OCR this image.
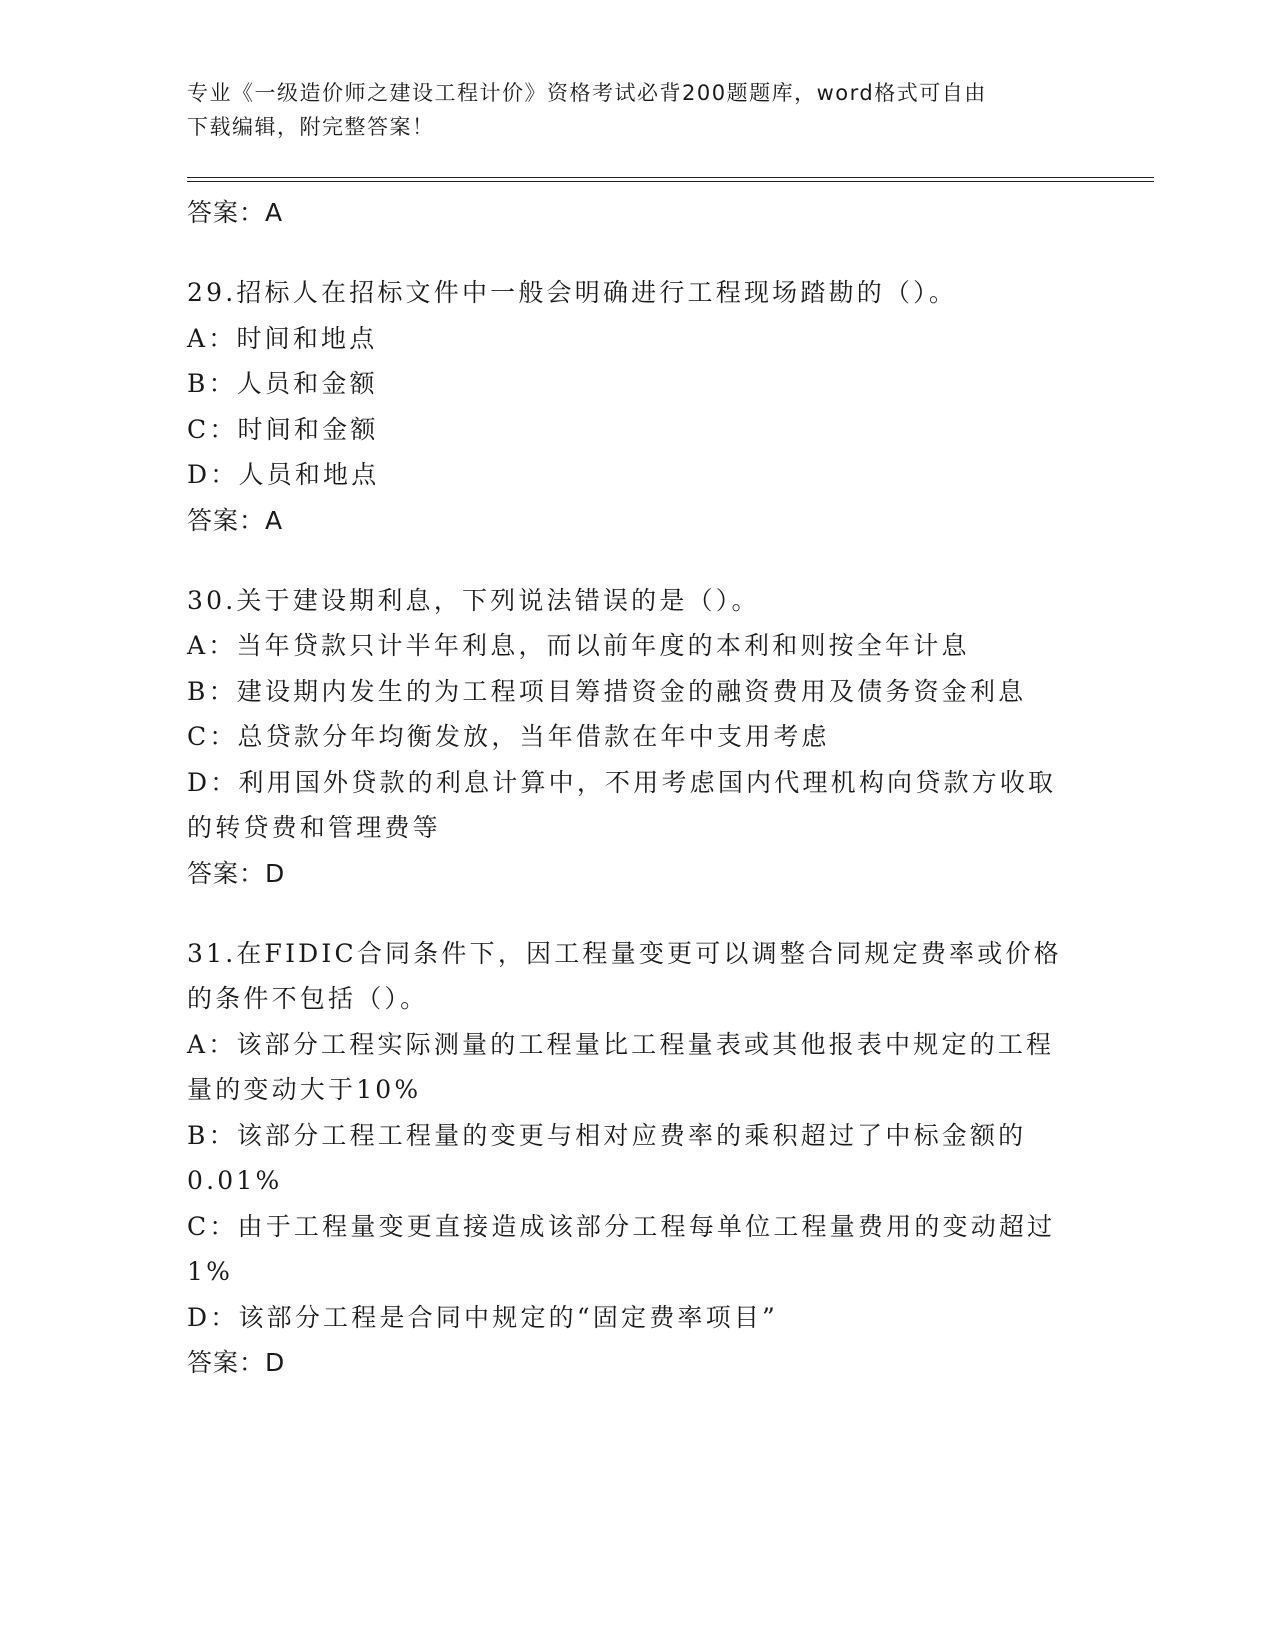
专业《一级造价师之建设工程计价》资格考试必背200题题库，word格式可自由
下载编辑，附完整答案！
答案：A
29.招标人在招标文件中一般会明确进行工程现场踏勘的（）。
A：时间和地点
B：人员和金额
C：时间和金额
D：人员和地点
答案：A
30.关于建设期利息，下列说法错误的是（）。
A：当年贷款只计半年利息，而以前年度的本利和则按全年计息
B：建设期内发生的为工程项目筹措资金的融资费用及债务资金利息
C：总贷款分年均衡发放，当年借款在年中支用考虑
D：利用国外贷款的利息计算中，不用考虑国内代理机构向贷款方收取的转贷费和管理费等
答案：D
31.在FIDIC合同条件下，因工程量变更可以调整合同规定费率或价格的条件不包括（）。
A：该部分工程实际测量的工程量比工程量表或其他报表中规定的工程量的变动大于10%
B：该部分工程工程量的变更与相对应费率的乘积超过了中标金额的0.01%
C：由于工程量变更直接造成该部分工程每单位工程量费用的变动超过1%
D：该部分工程是合同中规定的“固定费率项目”
答案：D
